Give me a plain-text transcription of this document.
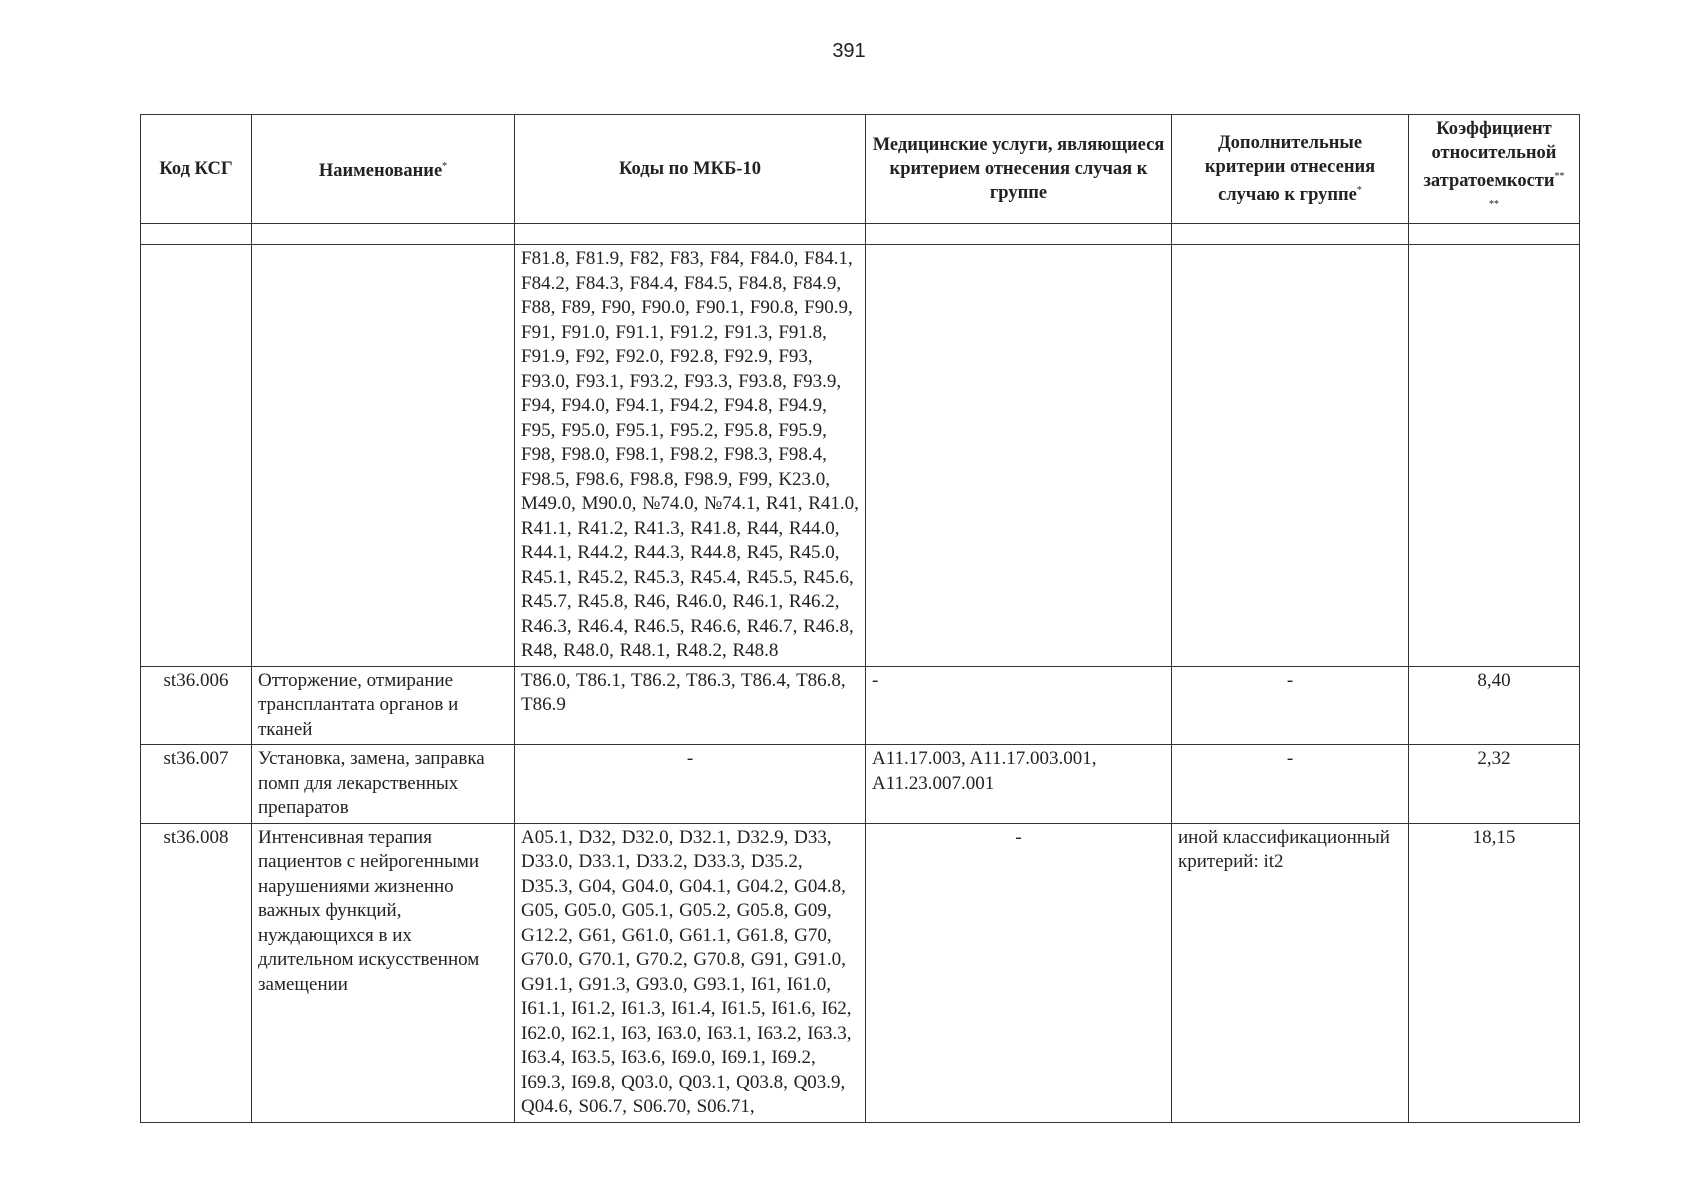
391
Код КСГ	Наименование*	Коды по МКБ-10	Медицинские услуги, являющиеся критерием отнесения случая к группе	Дополнительные критерии отнесения случаю к группе*	Коэффициент относительной затратоемкости**
**

		F81.8, F81.9, F82, F83, F84, F84.0, F84.1, F84.2, F84.3, F84.4, F84.5, F84.8, F84.9, F88, F89, F90, F90.0, F90.1, F90.8, F90.9, F91, F91.0, F91.1, F91.2, F91.3, F91.8, F91.9, F92, F92.0, F92.8, F92.9, F93, F93.0, F93.1, F93.2, F93.3, F93.8, F93.9, F94, F94.0, F94.1, F94.2, F94.8, F94.9, F95, F95.0, F95.1, F95.2, F95.8, F95.9, F98, F98.0, F98.1, F98.2, F98.3, F98.4, F98.5, F98.6, F98.8, F98.9, F99, K23.0, M49.0, M90.0, №74.0, №74.1, R41, R41.0, R41.1, R41.2, R41.3, R41.8, R44, R44.0, R44.1, R44.2, R44.3, R44.8, R45, R45.0, R45.1, R45.2, R45.3, R45.4, R45.5, R45.6, R45.7, R45.8, R46, R46.0, R46.1, R46.2, R46.3, R46.4, R46.5, R46.6, R46.7, R46.8, R48, R48.0, R48.1, R48.2, R48.8			
st36.006	Отторжение, отмирание трансплантата органов и тканей	T86.0, T86.1, T86.2, T86.3, T86.4, T86.8, T86.9	-	-	8,40
st36.007	Установка, замена, заправка помп для лекарственных препаратов	-	A11.17.003, A11.17.003.001, A11.23.007.001	-	2,32
st36.008	Интенсивная терапия пациентов с нейрогенными нарушениями жизненно важных функций, нуждающихся в их длительном искусственном замещении	A05.1, D32, D32.0, D32.1, D32.9, D33, D33.0, D33.1, D33.2, D33.3, D35.2, D35.3, G04, G04.0, G04.1, G04.2, G04.8, G05, G05.0, G05.1, G05.2, G05.8, G09, G12.2, G61, G61.0, G61.1, G61.8, G70, G70.0, G70.1, G70.2, G70.8, G91, G91.0, G91.1, G91.3, G93.0, G93.1, I61, I61.0, I61.1, I61.2, I61.3, I61.4, I61.5, I61.6, I62, I62.0, I62.1, I63, I63.0, I63.1, I63.2, I63.3, I63.4, I63.5, I63.6, I69.0, I69.1, I69.2, I69.3, I69.8, Q03.0, Q03.1, Q03.8, Q03.9, Q04.6, S06.7, S06.70, S06.71,	-	иной классификационный критерий: it2	18,15
